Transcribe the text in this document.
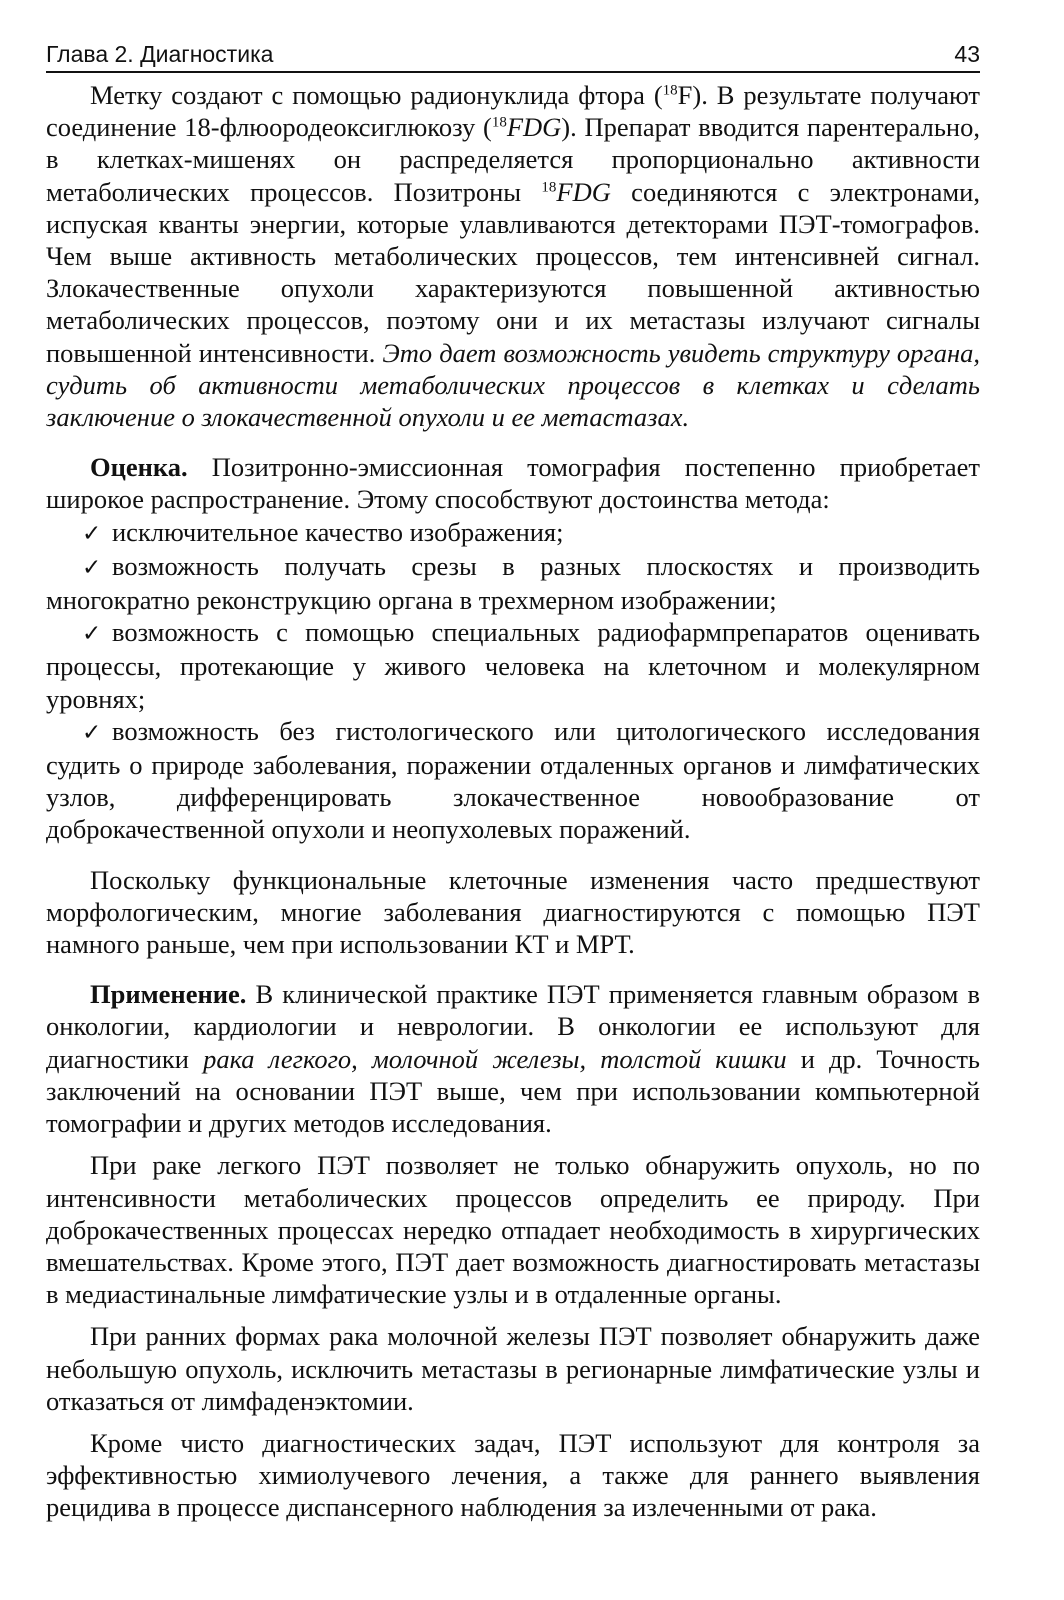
Глава 2. Диагностика	43

Метку создают с помощью радионуклида фтора ($^{18}$F). В результате получают соединение 18-флюородеоксиглюкозу ($^{18}$FDG). Препарат вводится парентерально, в клетках-мишенях он распределяется пропорционально активности метаболических процессов. Позитроны $^{18}$FDG соединяются с электронами, испуская кванты энергии, которые улавливаются детекторами ПЭТ-томографов. Чем выше активность метаболических процессов, тем интенсивней сигнал. Злокачественные опухоли характеризуются повышенной активностью метаболических процессов, поэтому они и их метастазы излучают сигналы повышенной интенсивности. Это дает возможность увидеть структуру органа, судить об активности метаболических процессов в клетках и сделать заключение о злокачественной опухоли и ее метастазах.

Оценка. Позитронно-эмиссионная томография постепенно приобретает широкое распространение. Этому способствуют достоинства метода:

✓ исключительное качество изображения;
✓ возможность получать срезы в разных плоскостях и производить многократно реконструкцию органа в трехмерном изображении;
✓ возможность с помощью специальных радиофармпрепаратов оценивать процессы, протекающие у живого человека на клеточном и молекулярном уровнях;
✓ возможность без гистологического или цитологического исследования судить о природе заболевания, поражении отдаленных органов и лимфатических узлов, дифференцировать злокачественное новообразование от доброкачественной опухоли и неопухолевых поражений.

Поскольку функциональные клеточные изменения часто предшествуют морфологическим, многие заболевания диагностируются с помощью ПЭТ намного раньше, чем при использовании КТ и МРТ.

Применение. В клинической практике ПЭТ применяется главным образом в онкологии, кардиологии и неврологии. В онкологии ее используют для диагностики рака легкого, молочной железы, толстой кишки и др. Точность заключений на основании ПЭТ выше, чем при использовании компьютерной томографии и других методов исследования.

При раке легкого ПЭТ позволяет не только обнаружить опухоль, но по интенсивности метаболических процессов определить ее природу. При доброкачественных процессах нередко отпадает необходимость в хирургических вмешательствах. Кроме этого, ПЭТ дает возможность диагностировать метастазы в медиастинальные лимфатические узлы и в отдаленные органы.

При ранних формах рака молочной железы ПЭТ позволяет обнаружить даже небольшую опухоль, исключить метастазы в регионарные лимфатические узлы и отказаться от лимфаденэктомии.

Кроме чисто диагностических задач, ПЭТ используют для контроля за эффективностью химиолучевого лечения, а также для раннего выявления рецидива в процессе диспансерного наблюдения за излеченными от рака.
